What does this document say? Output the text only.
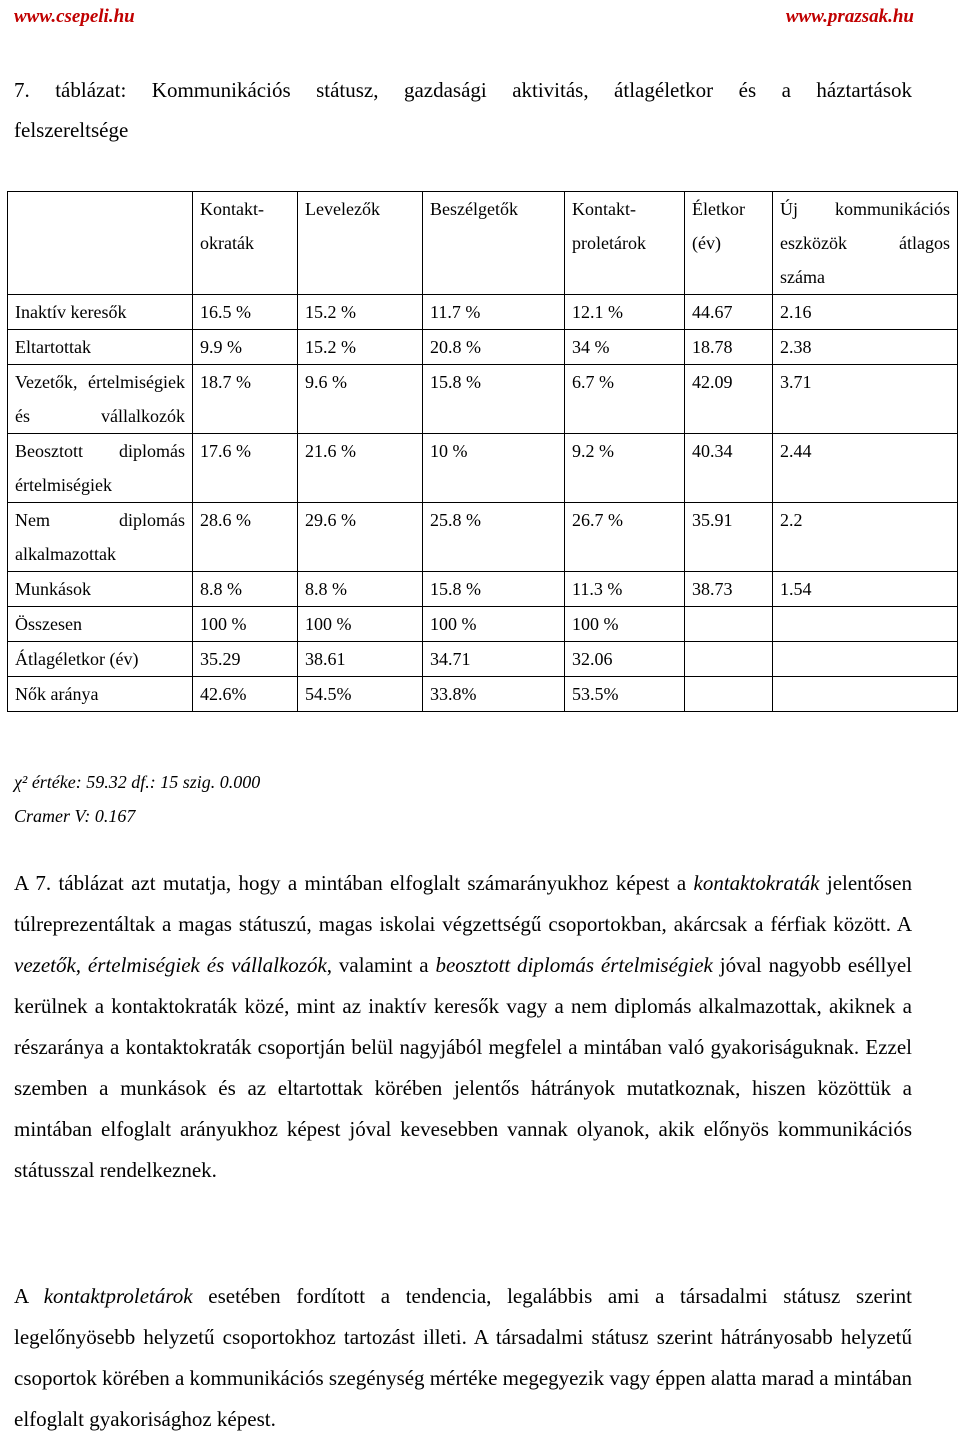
www.csepeli.hu	www.prazsak.hu

7. táblázat: Kommunikációs státusz, gazdasági aktivitás, átlagéletkor és a háztartások
felszereltsége

	Kontakt- okraták	Levelezők	Beszélgetők	Kontakt- proletárok	Életkor (év)	Új kommunikációs eszközök átlagos száma
Inaktív keresők	16.5 %	15.2 %	11.7 %	12.1 %	44.67	2.16
Eltartottak	9.9 %	15.2 %	20.8 %	34 %	18.78	2.38
Vezetők, értelmiségiek és vállalkozók	18.7 %	9.6 %	15.8 %	6.7 %	42.09	3.71
Beosztott diplomás értelmiségiek	17.6 %	21.6 %	10 %	9.2 %	40.34	2.44
Nem diplomás alkalmazottak	28.6 %	29.6 %	25.8 %	26.7 %	35.91	2.2
Munkások	8.8 %	8.8 %	15.8 %	11.3 %	38.73	1.54
Összesen	100 %	100 %	100 %	100 %		
Átlagéletkor (év)	35.29	38.61	34.71	32.06		
Nők aránya	42.6%	54.5%	33.8%	53.5%		
χ² értéke: 59.32 df.: 15 szig. 0.000
Cramer V: 0.167

A 7. táblázat azt mutatja, hogy a mintában elfoglalt számarányukhoz képest a kontaktokraták jelentősen túlreprezentáltak a magas státuszú, magas iskolai végzettségű csoportokban, akárcsak a férfiak között. A vezetők, értelmiségiek és vállalkozók, valamint a beosztott diplomás értelmiségiek jóval nagyobb eséllyel kerülnek a kontaktokraták közé, mint az inaktív keresők vagy a nem diplomás alkalmazottak, akiknek a részaránya a kontaktokraták csoportján belül nagyjából megfelel a mintában való gyakoriságuknak. Ezzel szemben a munkások és az eltartottak körében jelentős hátrányok mutatkoznak, hiszen közöttük a mintában elfoglalt arányukhoz képest jóval kevesebben vannak olyanok, akik előnyös kommunikációs státusszal rendelkeznek.

A kontaktproletárok esetében fordított a tendencia, legalábbis ami a társadalmi státusz szerint legelőnyösebb helyzetű csoportokhoz tartozást illeti. A társadalmi státusz szerint hátrányosabb helyzetű csoportok körében a kommunikációs szegénység mértéke megegyezik vagy éppen alatta marad a mintában elfoglalt gyakorisághoz képest.
